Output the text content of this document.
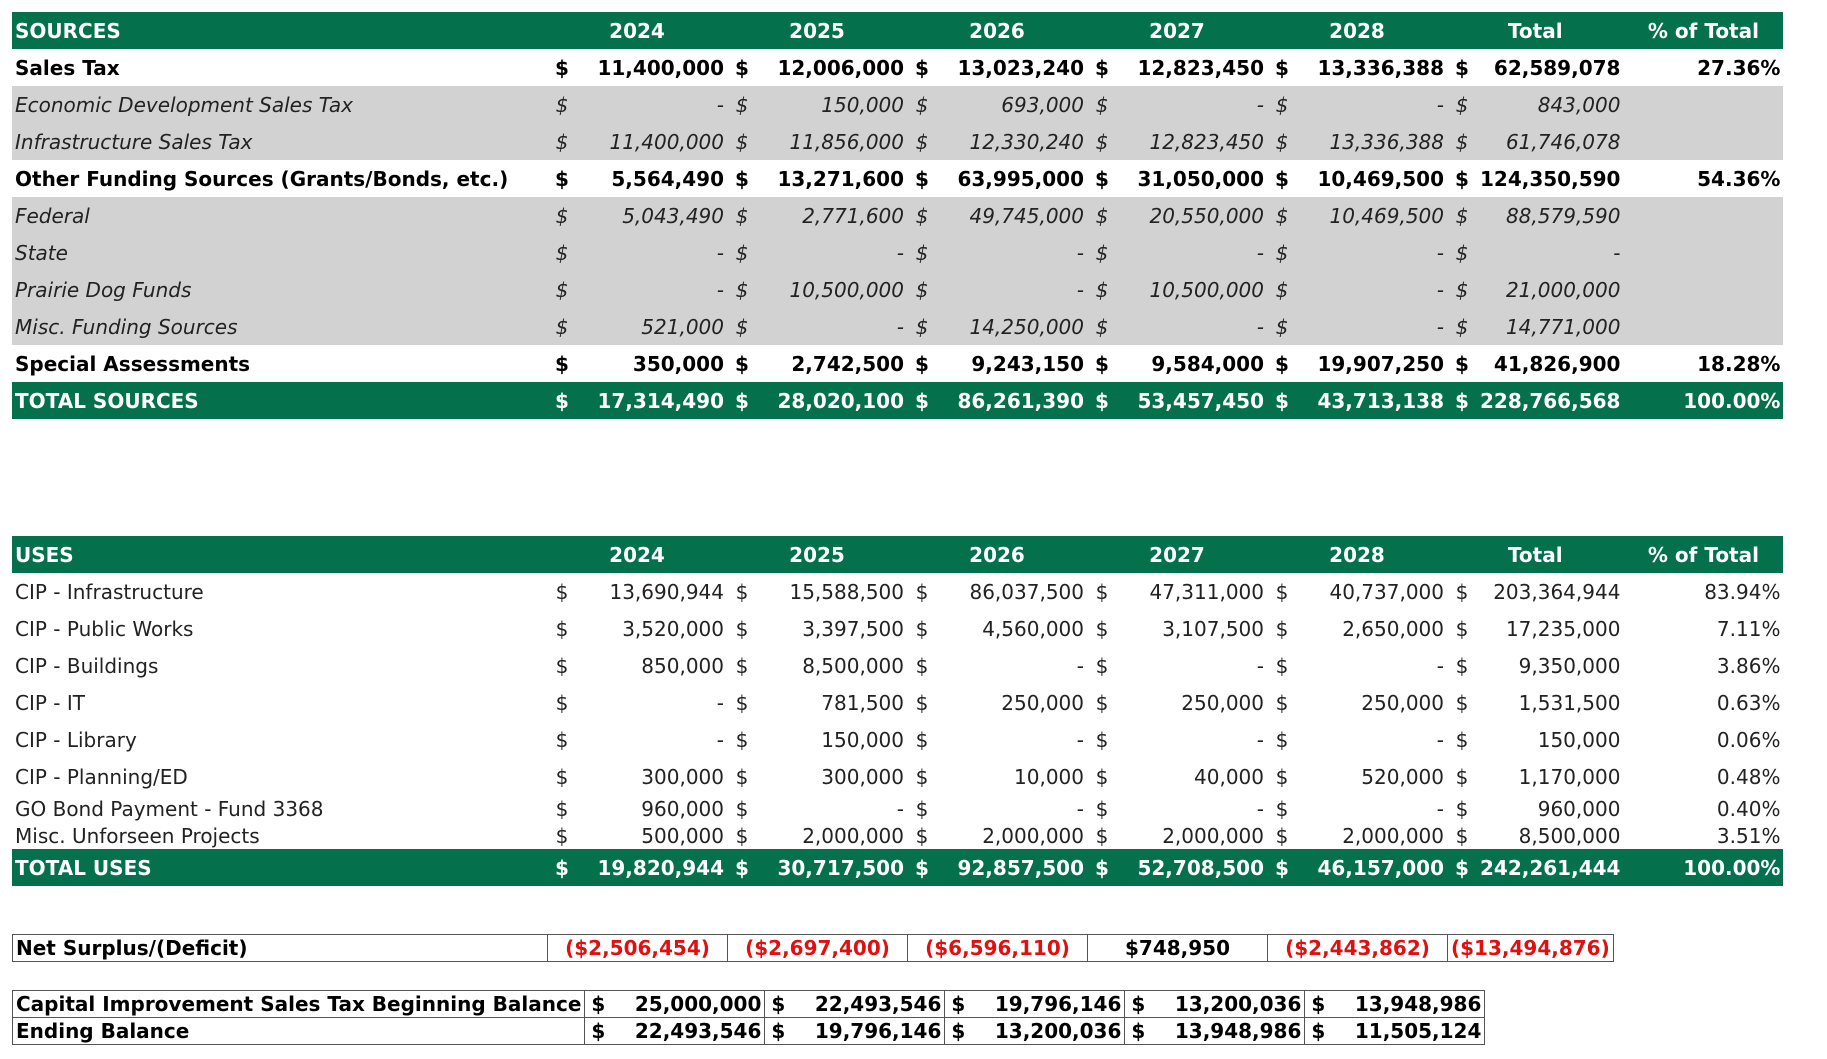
SOURCES	2024		2025		2026		2027		2028		Total		% of Total
Sales Tax	$	11,400,000	$	12,006,000	$	13,023,240	$	12,823,450	$	13,336,388	$	62,589,078	27.36%
Economic Development Sales Tax	$	-	$	150,000	$	693,000	$	-	$	-	$	843,000	
Infrastructure Sales Tax	$	11,400,000	$	11,856,000	$	12,330,240	$	12,823,450	$	13,336,388	$	61,746,078	
Other Funding Sources (Grants/Bonds, etc.)	$	5,564,490	$	13,271,600	$	63,995,000	$	31,050,000	$	10,469,500	$	124,350,590	54.36%
Federal	$	5,043,490	$	2,771,600	$	49,745,000	$	20,550,000	$	10,469,500	$	88,579,590	
State	$	-	$	-	$	-	$	-	$	-	$	-	
Prairie Dog Funds	$	-	$	10,500,000	$	-	$	10,500,000	$	-	$	21,000,000	
Misc. Funding Sources	$	521,000	$	-	$	14,250,000	$	-	$	-	$	14,771,000	
Special Assessments	$	350,000	$	2,742,500	$	9,243,150	$	9,584,000	$	19,907,250	$	41,826,900	18.28%
TOTAL SOURCES	$	17,314,490	$	28,020,100	$	86,261,390	$	53,457,450	$	43,713,138	$	228,766,568	100.00%
USES	2024		2025		2026		2027		2028		Total		% of Total
CIP - Infrastructure	$	13,690,944	$	15,588,500	$	86,037,500	$	47,311,000	$	40,737,000	$	203,364,944	83.94%
CIP - Public Works	$	3,520,000	$	3,397,500	$	4,560,000	$	3,107,500	$	2,650,000	$	17,235,000	7.11%
CIP - Buildings	$	850,000	$	8,500,000	$	-	$	-	$	-	$	9,350,000	3.86%
CIP - IT	$	-	$	781,500	$	250,000	$	250,000	$	250,000	$	1,531,500	0.63%
CIP - Library	$	-	$	150,000	$	-	$	-	$	-	$	150,000	0.06%
CIP - Planning/ED	$	300,000	$	300,000	$	10,000	$	40,000	$	520,000	$	1,170,000	0.48%
GO Bond Payment - Fund 3368	$	960,000	$	-	$	-	$	-	$	-	$	960,000	0.40%
Misc. Unforseen Projects	$	500,000	$	2,000,000	$	2,000,000	$	2,000,000	$	2,000,000	$	8,500,000	3.51%
TOTAL USES	$	19,820,944	$	30,717,500	$	92,857,500	$	52,708,500	$	46,157,000	$	242,261,444	100.00%
Net Surplus/(Deficit)	($2,506,454)	($2,697,400)	($6,596,110)	$748,950	($2,443,862)	($13,494,876)
Capital Improvement Sales Tax Beginning Balance	$	25,000,000	$	22,493,546	$	19,796,146	$	13,200,036	$	13,948,986
Ending Balance	$	22,493,546	$	19,796,146	$	13,200,036	$	13,948,986	$	11,505,124
